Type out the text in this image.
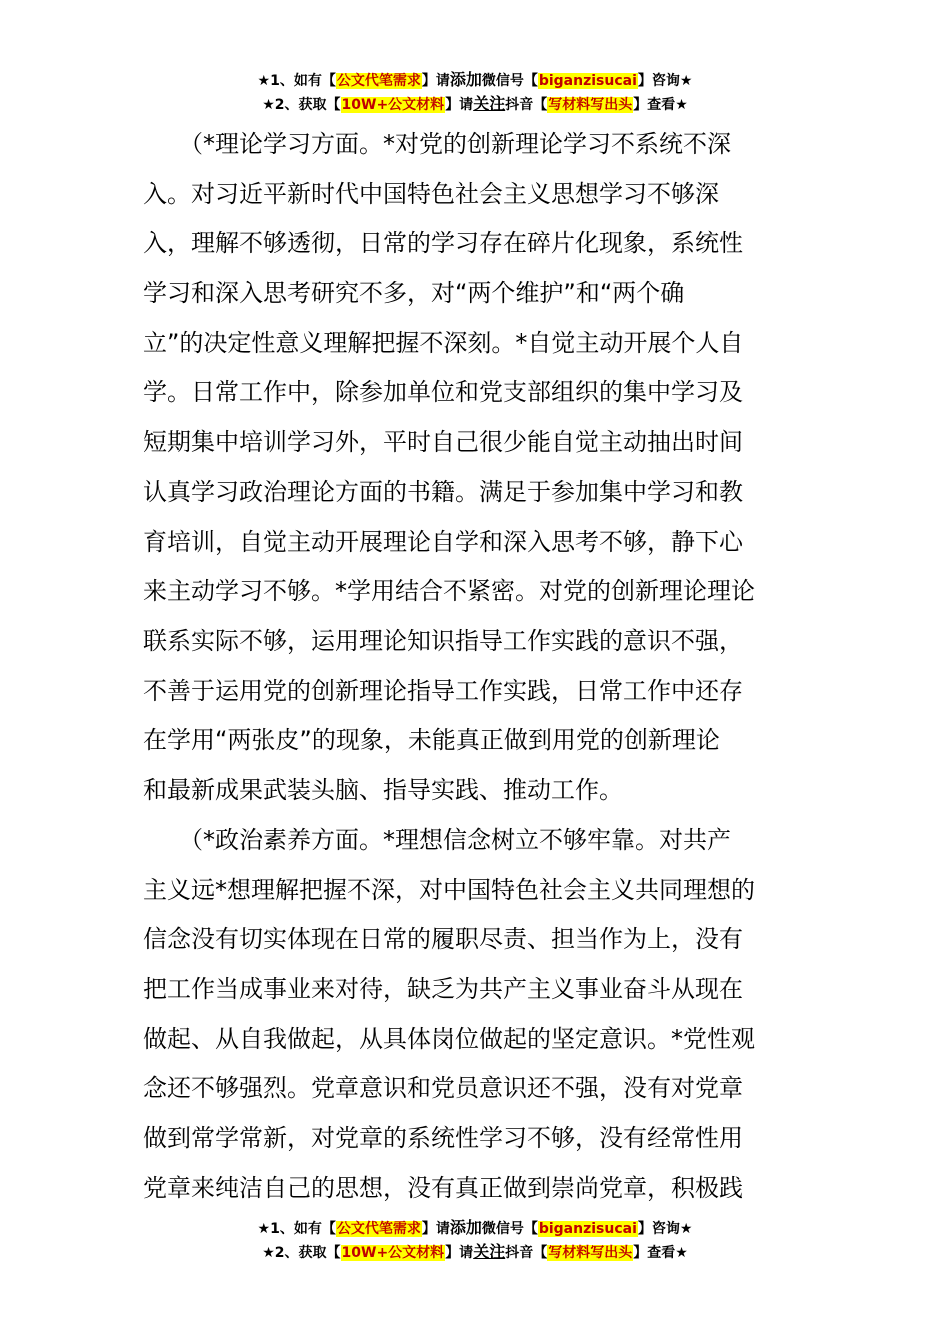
★1、如有【公文代笔需求】请添加微信号【biganzisucai】咨询★
★2、获取【10W+公文材料】请关注抖音【写材料写出头】查看★
　　（*理论学习方面。*对党的创新理论学习不系统不深
入。对习近平新时代中国特色社会主义思想学习不够深
入，理解不够透彻，日常的学习存在碎片化现象，系统性
学习和深入思考研究不多，对“两个维护”和“两个确
立”的决定性意义理解把握不深刻。*自觉主动开展个人自
学。日常工作中，除参加单位和党支部组织的集中学习及
短期集中培训学习外，平时自己很少能自觉主动抽出时间
认真学习政治理论方面的书籍。满足于参加集中学习和教
育培训，自觉主动开展理论自学和深入思考不够，静下心
来主动学习不够。*学用结合不紧密。对党的创新理论理论
联系实际不够，运用理论知识指导工作实践的意识不强，
不善于运用党的创新理论指导工作实践，日常工作中还存
在学用“两张皮”的现象，未能真正做到用党的创新理论
和最新成果武装头脑、指导实践、推动工作。
　　（*政治素养方面。*理想信念树立不够牢靠。对共产
主义远*想理解把握不深，对中国特色社会主义共同理想的
信念没有切实体现在日常的履职尽责、担当作为上，没有
把工作当成事业来对待，缺乏为共产主义事业奋斗从现在
做起、从自我做起，从具体岗位做起的坚定意识。*党性观
念还不够强烈。党章意识和党员意识还不强，没有对党章
做到常学常新，对党章的系统性学习不够，没有经常性用
党章来纯洁自己的思想，没有真正做到崇尚党章，积极践
★1、如有【公文代笔需求】请添加微信号【biganzisucai】咨询★
★2、获取【10W+公文材料】请关注抖音【写材料写出头】查看★
